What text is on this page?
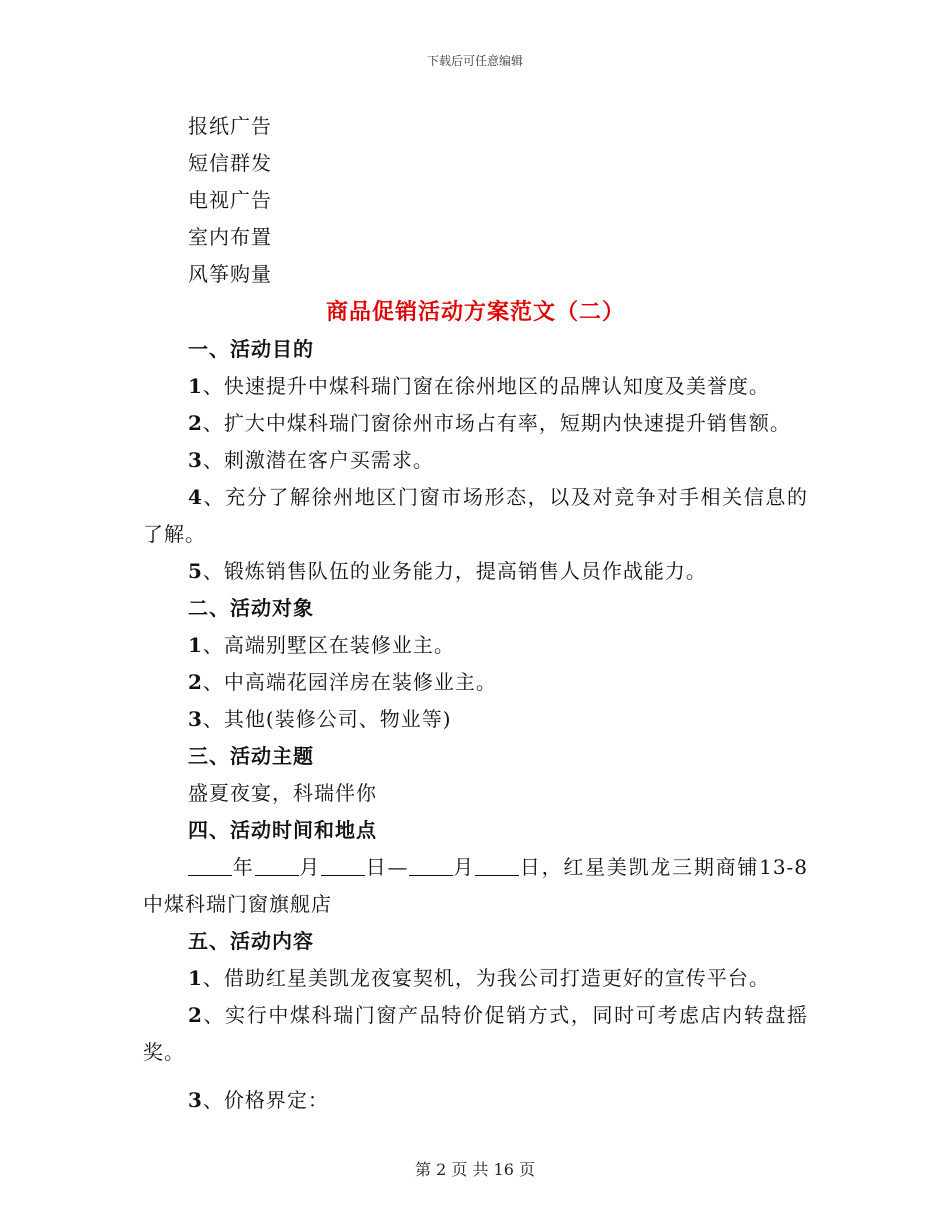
下载后可任意编辑
报纸广告
短信群发
电视广告
室内布置
风筝购量
商品促销活动方案范文（二）
一、活动目的
1、快速提升中煤科瑞门窗在徐州地区的品牌认知度及美誉度。
2、扩大中煤科瑞门窗徐州市场占有率，短期内快速提升销售额。
3、刺激潜在客户买需求。
4、充分了解徐州地区门窗市场形态，以及对竞争对手相关信息的了解。
5、锻炼销售队伍的业务能力，提高销售人员作战能力。
二、活动对象
1、高端别墅区在装修业主。
2、中高端花园洋房在装修业主。
3、其他(装修公司、物业等)
三、活动主题
盛夏夜宴，科瑞伴你
四、活动时间和地点
年 月 日— 月 日，红星美凯龙三期商铺13-8中煤科瑞门窗旗舰店
五、活动内容
1、借助红星美凯龙夜宴契机，为我公司打造更好的宣传平台。
2、实行中煤科瑞门窗产品特价促销方式，同时可考虑店内转盘摇奖。
3、价格界定：
第 2 页 共 16 页
